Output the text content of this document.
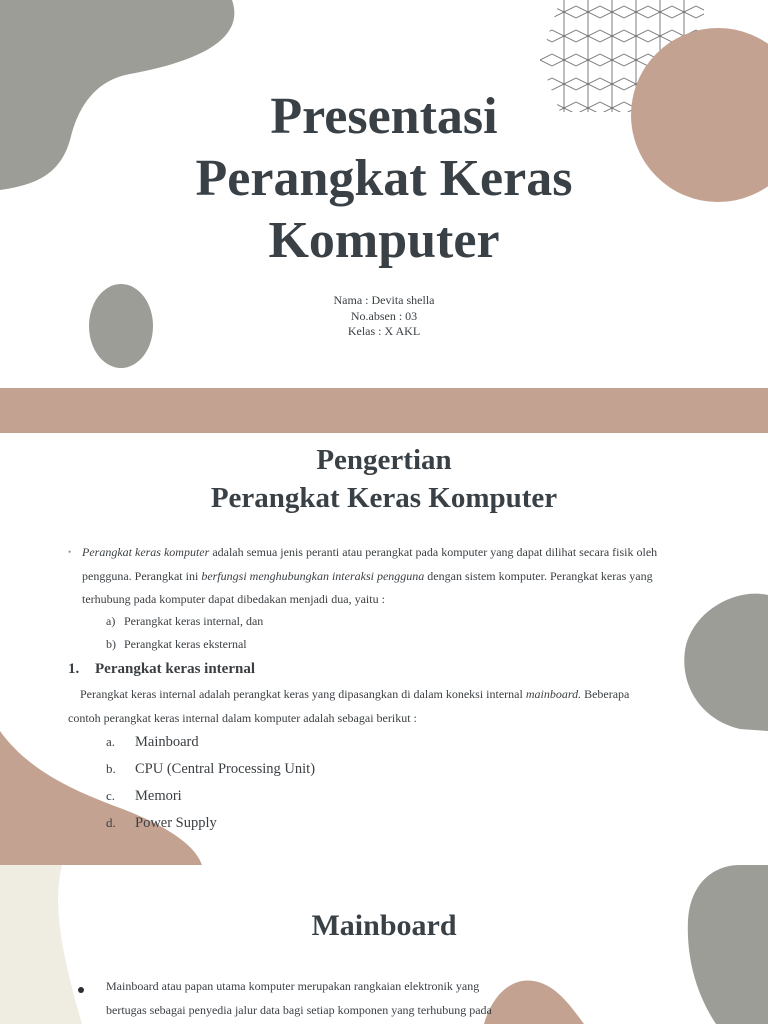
Presentasi
Perangkat Keras
Komputer
Nama : Devita shella
No.absen : 03
Kelas : X AKL
Pengertian
Perangkat Keras Komputer
• Perangkat keras komputer adalah semua jenis peranti atau perangkat pada komputer yang dapat dilihat secara fisik oleh
pengguna. Perangkat ini berfungsi menghubungkan interaksi pengguna dengan sistem komputer. Perangkat keras yang
terhubung pada komputer dapat dibedakan menjadi dua, yaitu :
a) Perangkat keras internal, dan
b) Perangkat keras eksternal
1. Perangkat keras internal
Perangkat keras internal adalah perangkat keras yang dipasangkan di dalam koneksi internal mainboard. Beberapa
contoh perangkat keras internal dalam komputer adalah sebagai berikut :
a. Mainboard
b. CPU (Central Processing Unit)
c. Memori
d. Power Supply
Mainboard
Mainboard atau papan utama komputer merupakan rangkaian elektronik yang
bertugas sebagai penyedia jalur data bagi setiap komponen yang terhubung pada
